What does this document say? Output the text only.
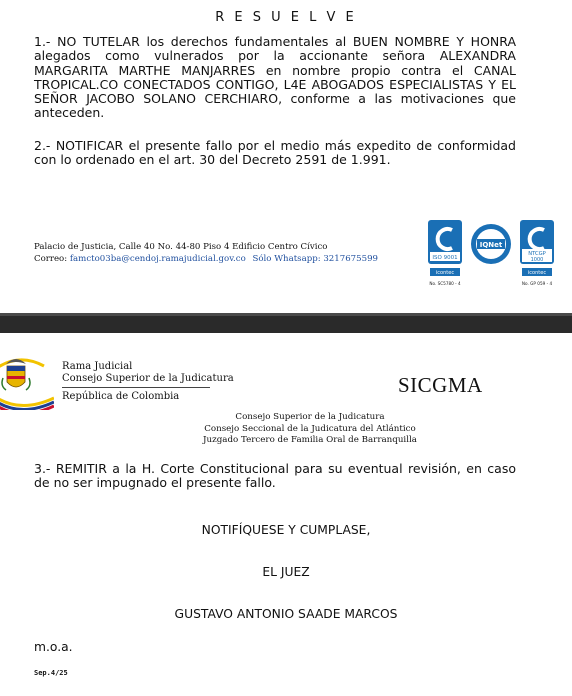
R E S U E L V E
1.- NO TUTELAR los derechos fundamentales al BUEN NOMBRE Y HONRA alegados como vulnerados por la accionante señora ALEXANDRA MARGARITA MARTHE MANJARRES en nombre propio contra el CANAL TROPICAL.CO CONECTADOS CONTIGO, L4E ABOGADOS ESPECIALISTAS Y EL SEÑOR JACOBO SOLANO CERCHIARO, conforme a las motivaciones que anteceden.
2.- NOTIFICAR el presente fallo por el medio más expedito de conformidad con lo ordenado en el art. 30 del Decreto 2591 de 1.991.
Palacio de Justicia, Calle 40 No. 44-80 Piso 4 Edificio Centro Cívico
Correo: famcto03ba@cendoj.ramajudicial.gov.co Sólo Whatsapp: 3217675599	ISO 9001
icontec
No. SC5780 - 4
IQNet
NTCGP
1000
icontec
No. GP 059 - 4
Rama Judicial
Consejo Superior de la Judicatura
República de Colombia	SICGMA
Consejo Superior de la Judicatura
Consejo Seccional de la Judicatura del Atlántico
Juzgado Tercero de Familia Oral de Barranquilla
3.- REMITIR a la H. Corte Constitucional para su eventual revisión, en caso de no ser impugnado el presente fallo.
NOTIFÍQUESE Y CUMPLASE,
EL JUEZ
GUSTAVO ANTONIO SAADE MARCOS
m.o.a.
Sep.4/25
